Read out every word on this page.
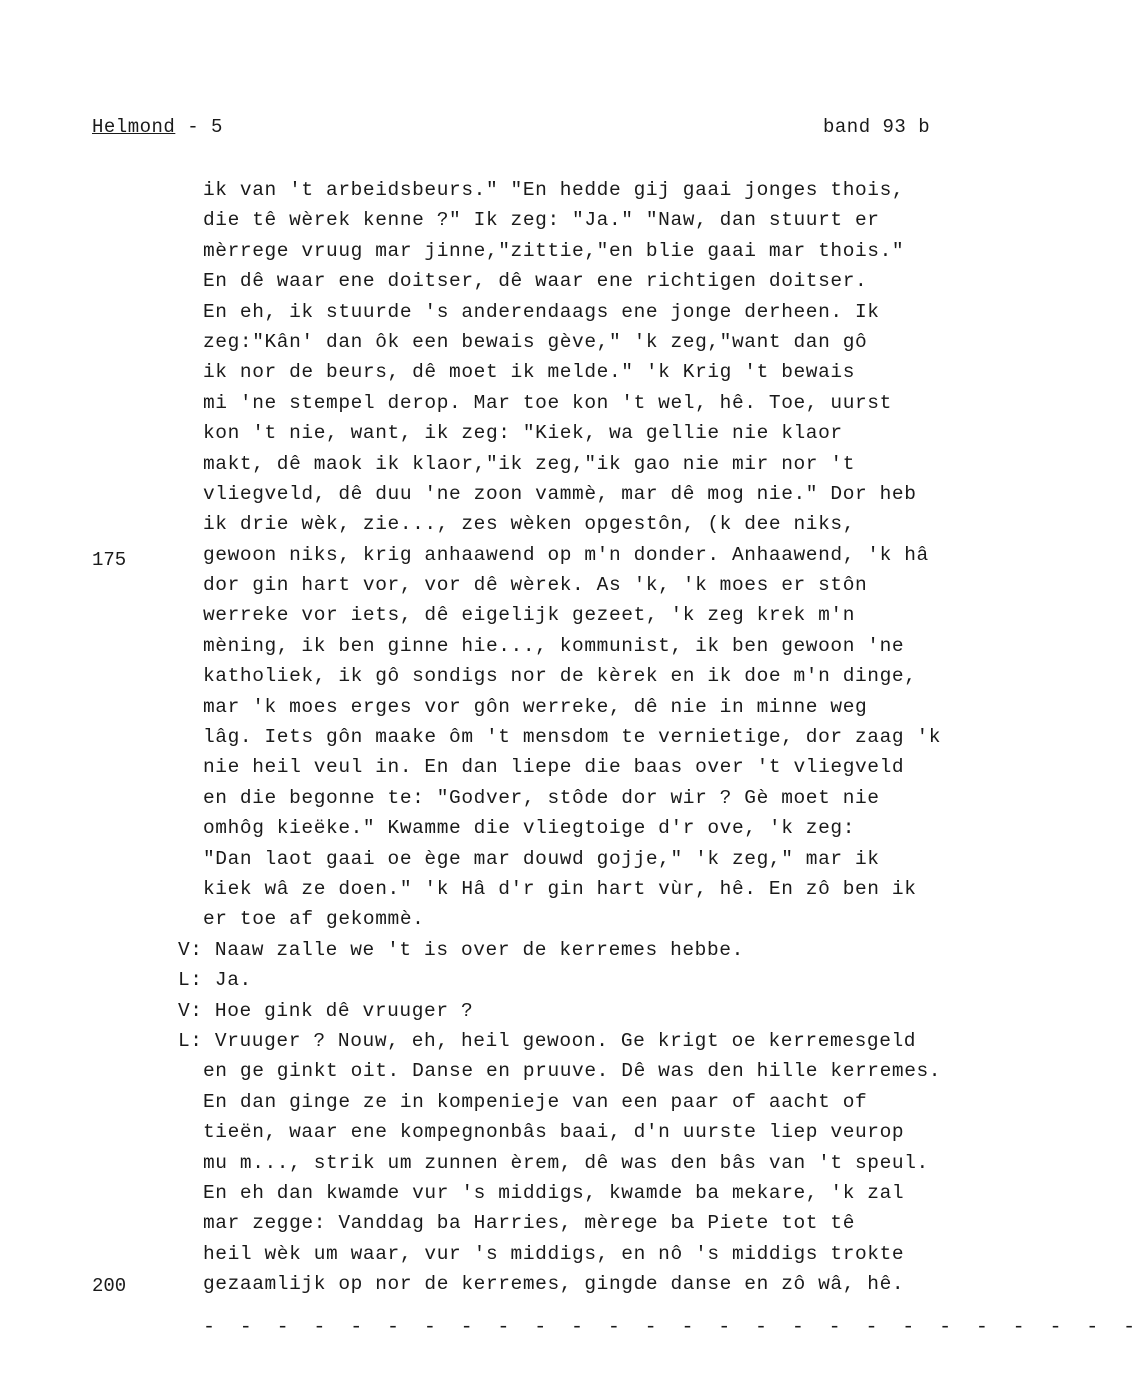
Helmond - 5	band 93 b
175
200
ik van 't arbeidsbeurs." "En hedde gij gaai jonges thois,
die tê wèrek kenne ?" Ik zeg: "Ja." "Naw, dan stuurt er
mèrrege vruug mar jinne,"zittie,"en blie gaai mar thois."
En dê waar ene doitser, dê waar ene richtigen doitser.
En eh, ik stuurde 's anderendaags ene jonge derheen. Ik
zeg:"Kân' dan ôk een bewais gève," 'k zeg,"want dan gô
ik nor de beurs, dê moet ik melde." 'k Krig 't bewais
mi 'ne stempel derop. Mar toe kon 't wel, hê. Toe, uurst
kon 't nie, want, ik zeg: "Kiek, wa gellie nie klaor
makt, dê maok ik klaor,"ik zeg,"ik gao nie mir nor 't
vliegveld, dê duu 'ne zoon vammè, mar dê mog nie." Dor heb
ik drie wèk, zie..., zes wèken opgestôn, (k dee niks,
gewoon niks, krig anhaawend op m'n donder. Anhaawend, 'k hâ
dor gin hart vor, vor dê wèrek. As 'k, 'k moes er stôn
werreke vor iets, dê eigelijk gezeet, 'k zeg krek m'n
mèning, ik ben ginne hie..., kommunist, ik ben gewoon 'ne
katholiek, ik gô sondigs nor de kèrek en ik doe m'n dinge,
mar 'k moes erges vor gôn werreke, dê nie in minne weg
lâg. Iets gôn maake ôm 't mensdom te vernietige, dor zaag 'k
nie heil veul in. En dan liepe die baas over 't vliegveld
en die begonne te: "Godver, stôde dor wir ? Gè moet nie
omhôg kieëke." Kwamme die vliegtoige d'r ove, 'k zeg:
"Dan laot gaai oe ège mar douwd gojje," 'k zeg," mar ik
kiek wâ ze doen." 'k Hâ d'r gin hart vùr, hê. En zô ben ik
er toe af gekommè.
V: Naaw zalle we 't is over de kerremes hebbe.
L: Ja.
V: Hoe gink dê vruuger ?
L: Vruuger ? Nouw, eh, heil gewoon. Ge krigt oe kerremesgeld
en ge ginkt oit. Danse en pruuve. Dê was den hille kerremes.
En dan ginge ze in kompenieje van een paar of aacht of
tieën, waar ene kompegnonbâs baai, d'n uurste liep veurop
mu m..., strik um zunnen èrem, dê was den bâs van 't speul.
En eh dan kwamde vur 's middigs, kwamde ba mekare, 'k zal
mar zegge: Vanddag ba Harries, mèrege ba Piete tot tê
heil wèk um waar, vur 's middigs, en nô 's middigs trokte
gezaamlijk op nor de kerremes, gingde danse en zô wâ, hê.
- - - - - - - - - - - - - - - - - - - - - - - - - -
